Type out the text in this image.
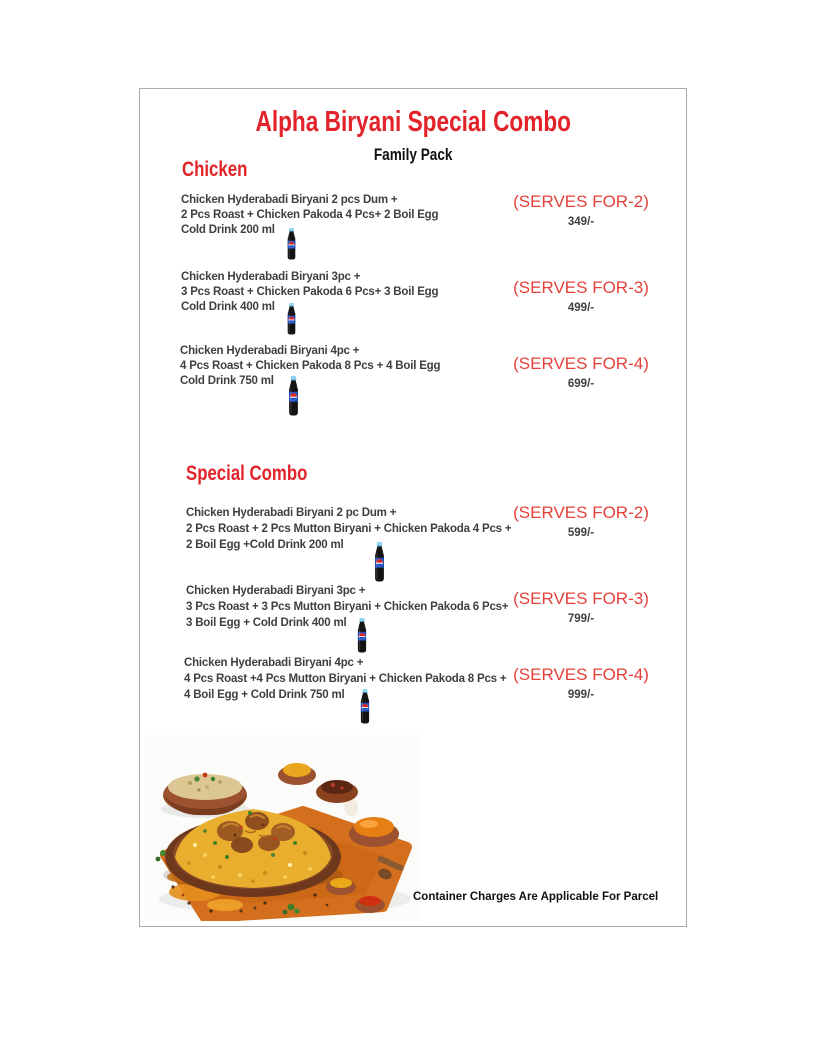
Alpha Biryani Special Combo
Family Pack
Chicken
Chicken Hyderabadi Biryani 2 pcs Dum +
2 Pcs Roast + Chicken Pakoda 4 Pcs+ 2 Boil Egg
Cold Drink 200 ml
(SERVES FOR-2)
349/-
Chicken Hyderabadi Biryani 3pc +
3 Pcs Roast + Chicken Pakoda 6 Pcs+ 3 Boil Egg
Cold Drink 400 ml
(SERVES FOR-3)
499/-
Chicken Hyderabadi Biryani 4pc +
4 Pcs Roast + Chicken Pakoda 8 Pcs + 4 Boil Egg
Cold Drink 750 ml
(SERVES FOR-4)
699/-
Special Combo
Chicken Hyderabadi Biryani 2 pc Dum +
2 Pcs Roast + 2 Pcs Mutton Biryani + Chicken Pakoda 4 Pcs +
2 Boil Egg +Cold Drink 200 ml
(SERVES FOR-2)
599/-
Chicken Hyderabadi Biryani 3pc +
3 Pcs Roast + 3 Pcs Mutton Biryani + Chicken Pakoda 6 Pcs+
3 Boil Egg + Cold Drink 400 ml
(SERVES FOR-3)
799/-
Chicken Hyderabadi Biryani 4pc +
4 Pcs Roast +4 Pcs Mutton Biryani + Chicken Pakoda 8 Pcs +
4 Boil Egg + Cold Drink 750 ml
(SERVES FOR-4)
999/-
Container Charges Are Applicable For Parcel
